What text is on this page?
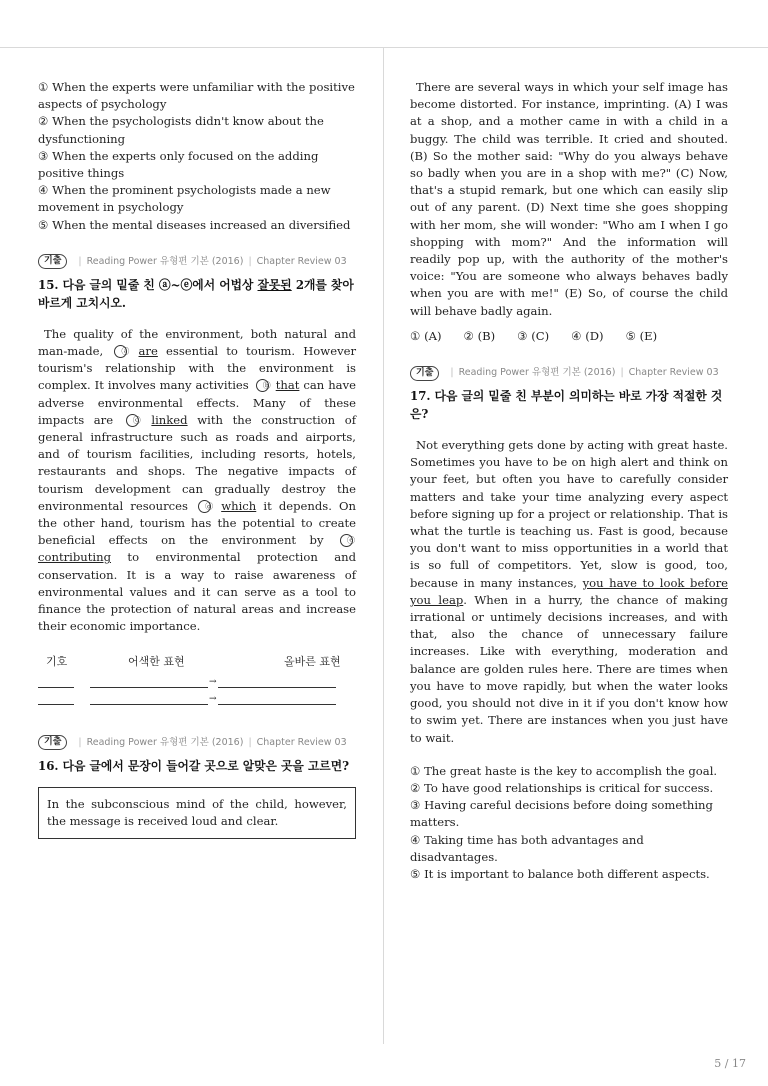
① When the experts were unfamiliar with the positive aspects of psychology

② When the psychologists didn't know about the dysfunctioning

③ When the experts only focused on the adding positive things

④ When the prominent psychologists made a new movement in psychology

⑤ When the mental diseases increased an diversified

기출	| Reading Power 유형편 기본 (2016) | Chapter Review 03
15. 다음 글의 밑줄 친 ⓐ~ⓔ에서 어법상 잘못된 2개를 찾아 바르게 고치시오.

The quality of the environment, both natural and man-made, ⓐ are essential to tourism. However tourism's relationship with the environment is complex. It involves many activities ⓑ that can have adverse environmental effects. Many of these impacts are ⓒ linked with the construction of general infrastructure such as roads and airports, and of tourism facilities, including resorts, hotels, restaurants and shops. The negative impacts of tourism development can gradually destroy the environmental resources ⓓ which it depends. On the other hand, tourism has the potential to create beneficial effects on the environment by	ⓔ contributing to environmental protection and conservation. It is a way to raise awareness of environmental values and it can serve as a tool to finance the protection of natural areas and increase their economic importance.

기호	어색한 표현	올바른 표현
→
→
기출	| Reading Power 유형편 기본 (2016) | Chapter Review 03
16. 다음 글에서 문장이 들어갈 곳으로 알맞은 곳을 고르면?
In the subconscious mind of the child, however, the message is received loud and clear.

There are several ways in which your self image has become distorted. For instance, imprinting. (A) I was at a shop, and a mother came in with a child in a buggy. The child was terrible. It cried and shouted. (B) So the mother said: "Why do you always behave so badly when you are in a shop with me?" (C) Now, that's a stupid remark, but one which can easily slip out of any parent. (D) Next time she goes shopping with her mom, she will wonder: "Who am I when I go shopping with mom?" And the information will readily pop up, with the authority of the mother's voice: "You are someone who always behaves badly when you are with me!" (E) So, of course the child will behave badly again.

① (A) ② (B) ③ (C) ④ (D) ⑤ (E)
기출	| Reading Power 유형편 기본 (2016) | Chapter Review 03
17. 다음 글의 밑줄 친 부분이 의미하는 바로 가장 적절한 것은?

Not everything gets done by acting with great haste. Sometimes you have to be on high alert and think on your feet, but often you have to carefully consider matters and take your time analyzing every aspect before signing up for a project or relationship. That is what the turtle is teaching us. Fast is good, because you don't want to miss opportunities in a world that is so full of competitors. Yet, slow is good, too, because in many instances, you have to look before you leap. When in a hurry, the chance of making irrational or untimely decisions increases, and with that, also the chance of unnecessary failure increases. Like with everything, moderation and balance are golden rules here. There are times when you have to move rapidly, but when the water looks good, you should not dive in it if you don't know how to swim yet. There are instances when you just have to wait.

① The great haste is the key to accomplish the goal.

② To have good relationships is critical for success.

③ Having careful decisions before doing something matters.

④ Taking time has both advantages and disadvantages.

⑤ It is important to balance both different aspects.

5 / 17
